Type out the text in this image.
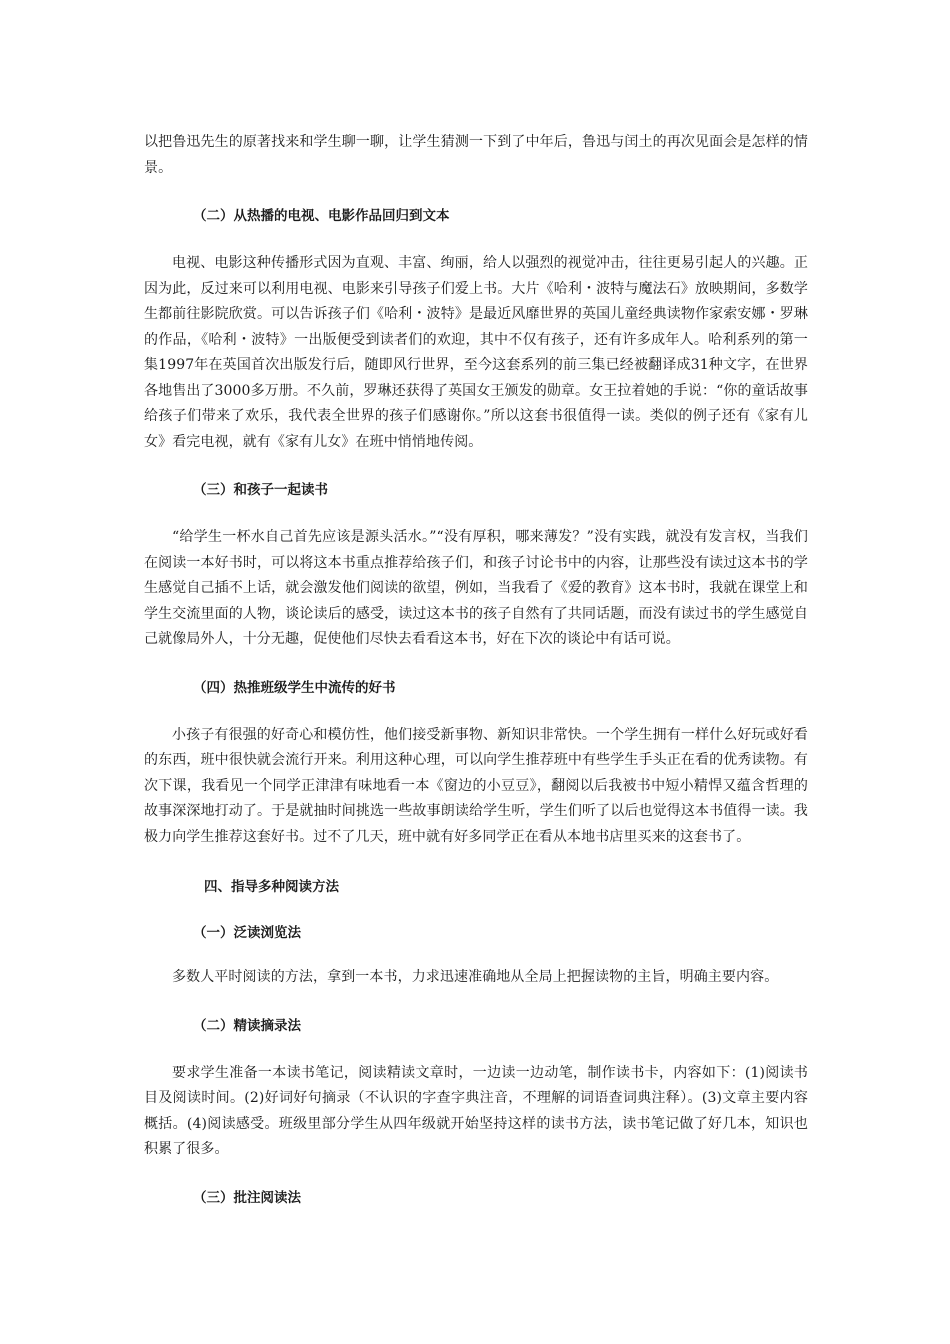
以把鲁迅先生的原著找来和学生聊一聊，让学生猜测一下到了中年后，鲁迅与闰土的再次见面会是怎样的情景。

（二）从热播的电视、电影作品回归到文本

电视、电影这种传播形式因为直观、丰富、绚丽，给人以强烈的视觉冲击，往往更易引起人的兴趣。正因为此，反过来可以利用电视、电影来引导孩子们爱上书。大片《哈利・波特与魔法石》放映期间，多数学生都前往影院欣赏。可以告诉孩子们《哈利・波特》是最近风靡世界的英国儿童经典读物作家索安娜・罗琳的作品，《哈利・波特》一出版便受到读者们的欢迎，其中不仅有孩子，还有许多成年人。哈利系列的第一集1997年在英国首次出版发行后，随即风行世界，至今这套系列的前三集已经被翻译成31种文字，在世界各地售出了3000多万册。不久前，罗琳还获得了英国女王颁发的勋章。女王拉着她的手说：“你的童话故事给孩子们带来了欢乐，我代表全世界的孩子们感谢你。”所以这套书很值得一读。类似的例子还有《家有儿女》看完电视，就有《家有儿女》在班中悄悄地传阅。

（三）和孩子一起读书

“给学生一杯水自己首先应该是源头活水。”“没有厚积，哪来薄发？”没有实践，就没有发言权，当我们在阅读一本好书时，可以将这本书重点推荐给孩子们，和孩子讨论书中的内容，让那些没有读过这本书的学生感觉自己插不上话，就会激发他们阅读的欲望，例如，当我看了《爱的教育》这本书时，我就在课堂上和学生交流里面的人物，谈论读后的感受，读过这本书的孩子自然有了共同话题，而没有读过书的学生感觉自己就像局外人，十分无趣，促使他们尽快去看看这本书，好在下次的谈论中有话可说。

（四）热推班级学生中流传的好书

小孩子有很强的好奇心和模仿性，他们接受新事物、新知识非常快。一个学生拥有一样什么好玩或好看的东西，班中很快就会流行开来。利用这种心理，可以向学生推荐班中有些学生手头正在看的优秀读物。有次下课，我看见一个同学正津津有味地看一本《窗边的小豆豆》，翻阅以后我被书中短小精悍又蕴含哲理的故事深深地打动了。于是就抽时间挑选一些故事朗读给学生听，学生们听了以后也觉得这本书值得一读。我极力向学生推荐这套好书。过不了几天，班中就有好多同学正在看从本地书店里买来的这套书了。

四、指导多种阅读方法

（一）泛读浏览法

多数人平时阅读的方法，拿到一本书，力求迅速准确地从全局上把握读物的主旨，明确主要内容。

（二）精读摘录法

要求学生准备一本读书笔记，阅读精读文章时，一边读一边动笔，制作读书卡，内容如下：(1)阅读书目及阅读时间。(2)好词好句摘录（不认识的字查字典注音，不理解的词语查词典注释）。(3)文章主要内容概括。(4)阅读感受。班级里部分学生从四年级就开始坚持这样的读书方法，读书笔记做了好几本，知识也积累了很多。

（三）批注阅读法
